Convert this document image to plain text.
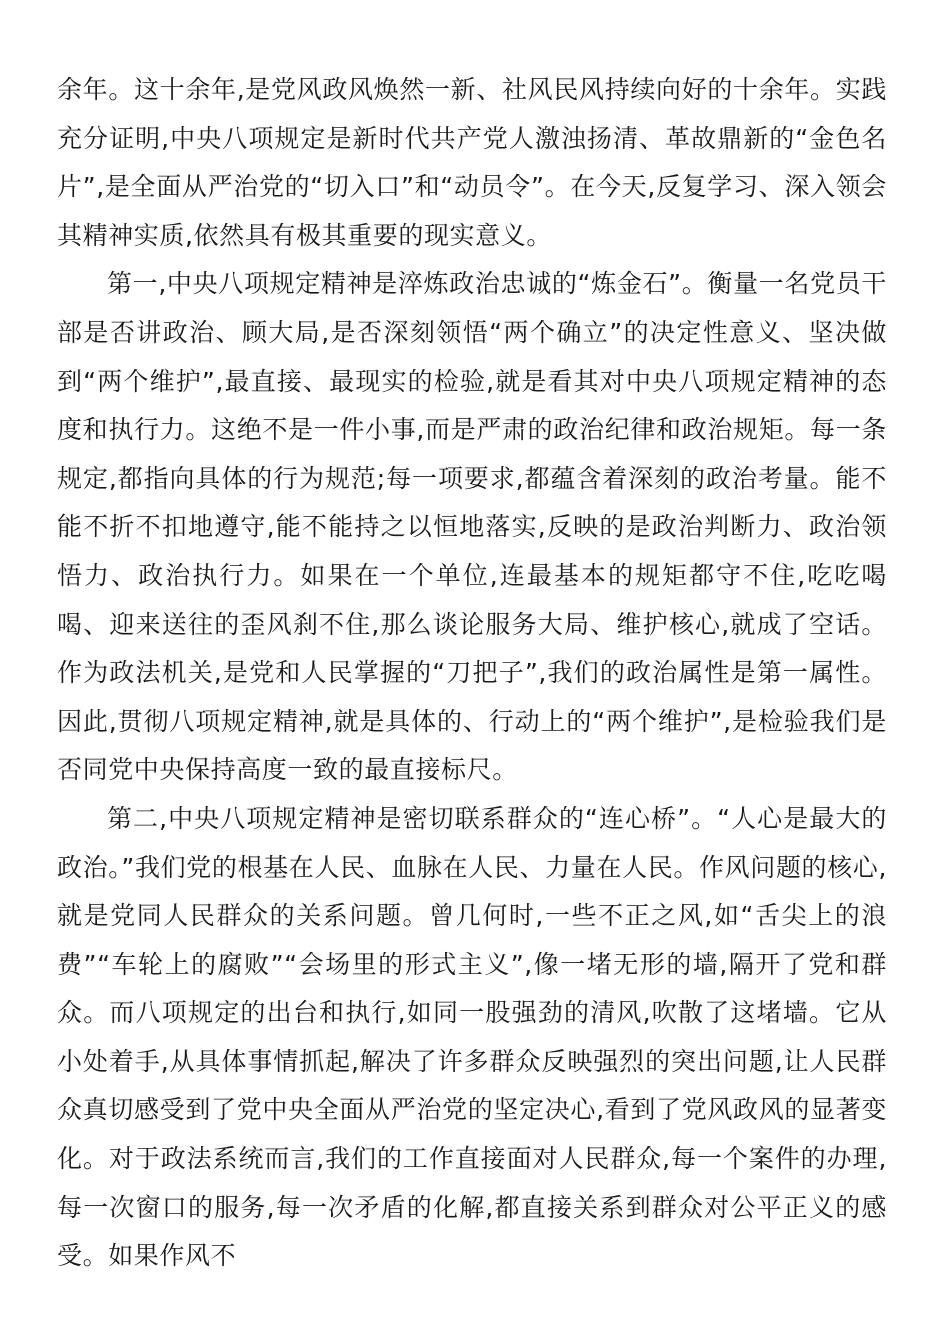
余年。这十余年,是党风政风焕然一新、社风民风持续向好的十余年。实践充分证明,中央八项规定是新时代共产党人激浊扬清、革故鼎新的“金色名片”,是全面从严治党的“切入口”和“动员令”。在今天,反复学习、深入领会其精神实质,依然具有极其重要的现实意义。

第一,中央八项规定精神是淬炼政治忠诚的“炼金石”。衡量一名党员干部是否讲政治、顾大局,是否深刻领悟“两个确立”的决定性意义、坚决做到“两个维护”,最直接、最现实的检验,就是看其对中央八项规定精神的态度和执行力。这绝不是一件小事,而是严肃的政治纪律和政治规矩。每一条规定,都指向具体的行为规范;每一项要求,都蕴含着深刻的政治考量。能不能不折不扣地遵守,能不能持之以恒地落实,反映的是政治判断力、政治领悟力、政治执行力。如果在一个单位,连最基本的规矩都守不住,吃吃喝喝、迎来送往的歪风刹不住,那么谈论服务大局、维护核心,就成了空话。作为政法机关,是党和人民掌握的“刀把子”,我们的政治属性是第一属性。因此,贯彻八项规定精神,就是具体的、行动上的“两个维护”,是检验我们是否同党中央保持高度一致的最直接标尺。

第二,中央八项规定精神是密切联系群众的“连心桥”。“人心是最大的政治。”我们党的根基在人民、血脉在人民、力量在人民。作风问题的核心,就是党同人民群众的关系问题。曾几何时,一些不正之风,如“舌尖上的浪费”“车轮上的腐败”“会场里的形式主义”,像一堵无形的墙,隔开了党和群众。而八项规定的出台和执行,如同一股强劲的清风,吹散了这堵墙。它从小处着手,从具体事情抓起,解决了许多群众反映强烈的突出问题,让人民群众真切感受到了党中央全面从严治党的坚定决心,看到了党风政风的显著变化。对于政法系统而言,我们的工作直接面对人民群众,每一个案件的办理,每一次窗口的服务,每一次矛盾的化解,都直接关系到群众对公平正义的感受。如果作风不
